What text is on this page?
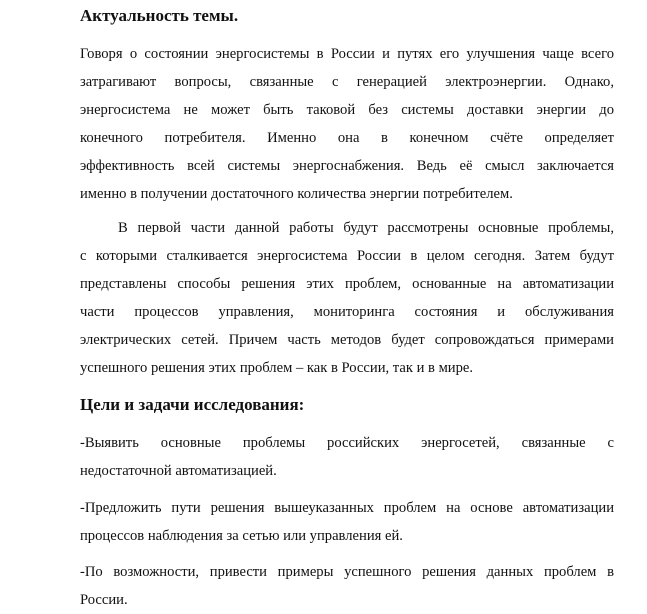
Актуальность темы.
Говоря о состоянии энергосистемы в России и путях его улучшения чаще всего
затрагивают вопросы, связанные с генерацией электроэнергии. Однако,
энергосистема не может быть таковой без системы доставки энергии до
конечного потребителя. Именно она в конечном счёте определяет
эффективность всей системы энергоснабжения. Ведь её смысл заключается
именно в получении достаточного количества энергии потребителем.
В первой части данной работы будут рассмотрены основные проблемы,
с которыми сталкивается энергосистема России в целом сегодня. Затем будут
представлены способы решения этих проблем, основанные на автоматизации
части процессов управления, мониторинга состояния и обслуживания
электрических сетей. Причем часть методов будет сопровождаться примерами
успешного решения этих проблем – как в России, так и в мире.
Цели и задачи исследования:
-Выявить основные проблемы российских энергосетей, связанные с
недостаточной автоматизацией.
-Предложить пути решения вышеуказанных проблем на основе автоматизации
процессов наблюдения за сетью или управления ей.
-По возможности, привести примеры успешного решения данных проблем в
России.
